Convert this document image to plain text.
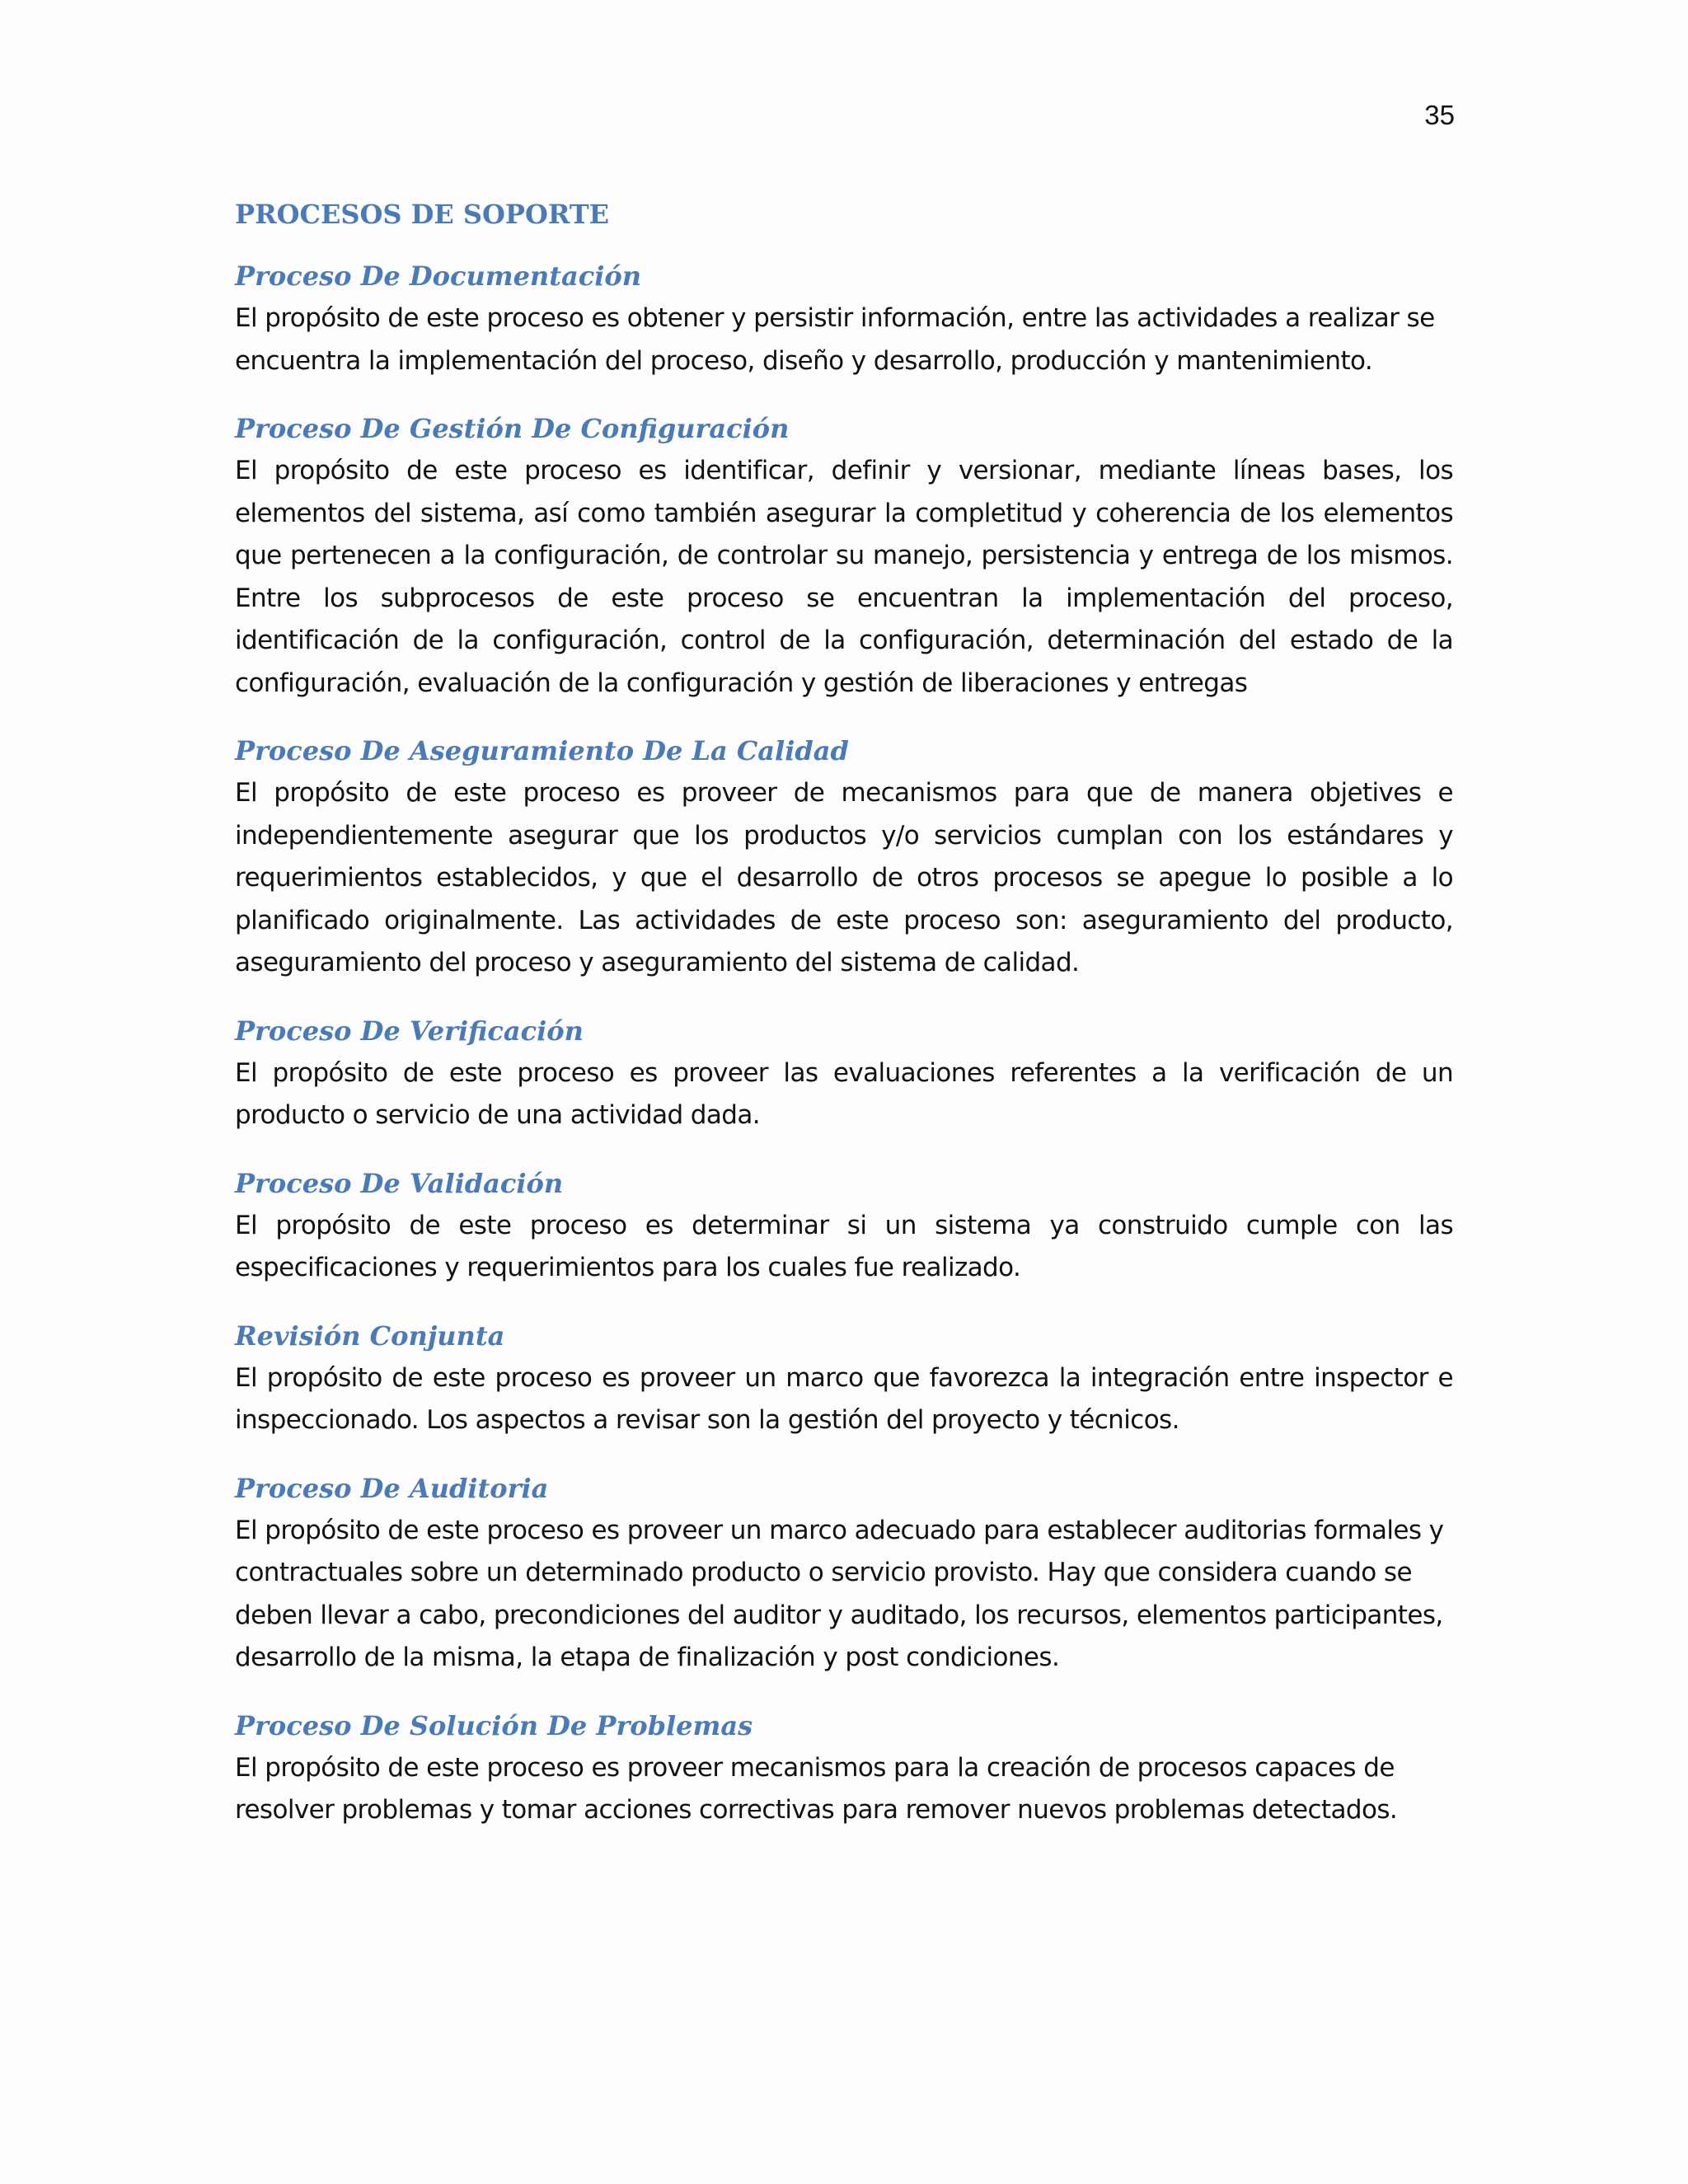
35
PROCESOS DE SOPORTE
Proceso De Documentación

El propósito de este proceso es obtener y persistir información, entre las actividades a realizar se encuentra la implementación del proceso, diseño y desarrollo, producción y mantenimiento.

Proceso De Gestión De Configuración

El propósito de este proceso es identificar, definir y versionar, mediante líneas bases, los elementos del sistema, así como también asegurar la completitud y coherencia de los elementos que pertenecen a la configuración, de controlar su manejo, persistencia y entrega de los mismos. Entre los subprocesos de este proceso se encuentran la implementación del proceso, identificación de la configuración, control de la configuración, determinación del estado de la configuración, evaluación de la configuración y gestión de liberaciones y entregas

Proceso De Aseguramiento De La Calidad

El propósito de este proceso es proveer de mecanismos para que de manera objetives e independientemente asegurar que los productos y/o servicios cumplan con los estándares y requerimientos establecidos, y que el desarrollo de otros procesos se apegue lo posible a lo planificado originalmente. Las actividades de este proceso son: aseguramiento del producto, aseguramiento del proceso y aseguramiento del sistema de calidad.

Proceso De Verificación

El propósito de este proceso es proveer las evaluaciones referentes a la verificación de un producto o servicio de una actividad dada.

Proceso De Validación

El propósito de este proceso es determinar si un sistema ya construido cumple con las especificaciones y requerimientos para los cuales fue realizado.

Revisión Conjunta

El propósito de este proceso es proveer un marco que favorezca la integración entre inspector e inspeccionado. Los aspectos a revisar son la gestión del proyecto y técnicos.

Proceso De Auditoria

El propósito de este proceso es proveer un marco adecuado para establecer auditorias formales y contractuales sobre un determinado producto o servicio provisto. Hay que considera cuando se deben llevar a cabo, precondiciones del auditor y auditado, los recursos, elementos participantes, desarrollo de la misma, la etapa de finalización y post condiciones.

Proceso De Solución De Problemas

El propósito de este proceso es proveer mecanismos para la creación de procesos capaces de resolver problemas y tomar acciones correctivas para remover nuevos problemas detectados.
